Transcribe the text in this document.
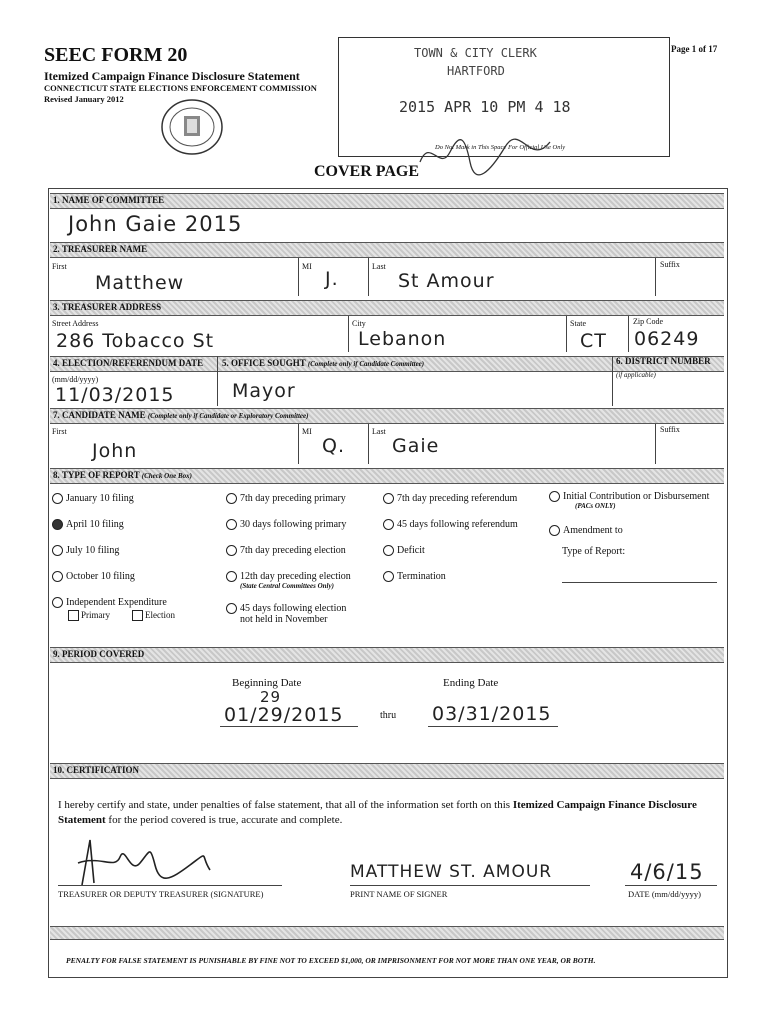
SEEC FORM 20
Itemized Campaign Finance Disclosure Statement
CONNECTICUT STATE ELECTIONS ENFORCEMENT COMMISSION
Revised January 2012
TOWN & CITY CLERK
HARTFORD
2015 APR 10 PM 4 18
Do Not Mark in This Space For Official Use Only
Page 1 of 17
COVER PAGE
1. NAME OF COMMITTEE
John Gaie 2015
2. TREASURER NAME
First	MI	Last	Suffix
Matthew	J.	St Amour
3. TREASURER ADDRESS
Street Address	City	State	Zip Code
286 Tobacco St	Lebanon	CT 06249
4. ELECTION/REFERENDUM DATE 5. OFFICE SOUGHT (Complete only if Candidate Committee)	6. DISTRICT NUMBER
(if applicable)
(mm/dd/yyyy)
11/03/2015	Mayor
7. CANDIDATE NAME (Complete only if Candidate or Exploratory Committee)
First	MI	Last	Suffix
John	Q. Gaie
8. TYPE OF REPORT (Check One Box)
January 10 filing
April 10 filing
July 10 filing
October 10 filing
Independent Expenditure
Primary	Election
7th day preceding primary
30 days following primary
7th day preceding election
12th day preceding election
(State Central Committees Only)
45 days following election
not held in November
7th day preceding referendum
45 days following referendum
Deficit
Termination
Initial Contribution or Disbursement
(PACs ONLY)
Amendment to
Type of Report:
9. PERIOD COVERED
Beginning Date	Ending Date
29
01/29/2015	thru 03/31/2015
10. CERTIFICATION
I hereby certify and state, under penalties of false statement, that all of the information set forth on this Itemized Campaign Finance Disclosure Statement for the period covered is true, accurate and complete.
TREASURER OR DEPUTY TREASURER (SIGNATURE)
MATTHEW ST. AMOUR
PRINT NAME OF SIGNER
4/6/15
DATE (mm/dd/yyyy)
PENALTY FOR FALSE STATEMENT IS PUNISHABLE BY FINE NOT TO EXCEED $1,000, OR IMPRISONMENT FOR NOT MORE THAN ONE YEAR, OR BOTH.
